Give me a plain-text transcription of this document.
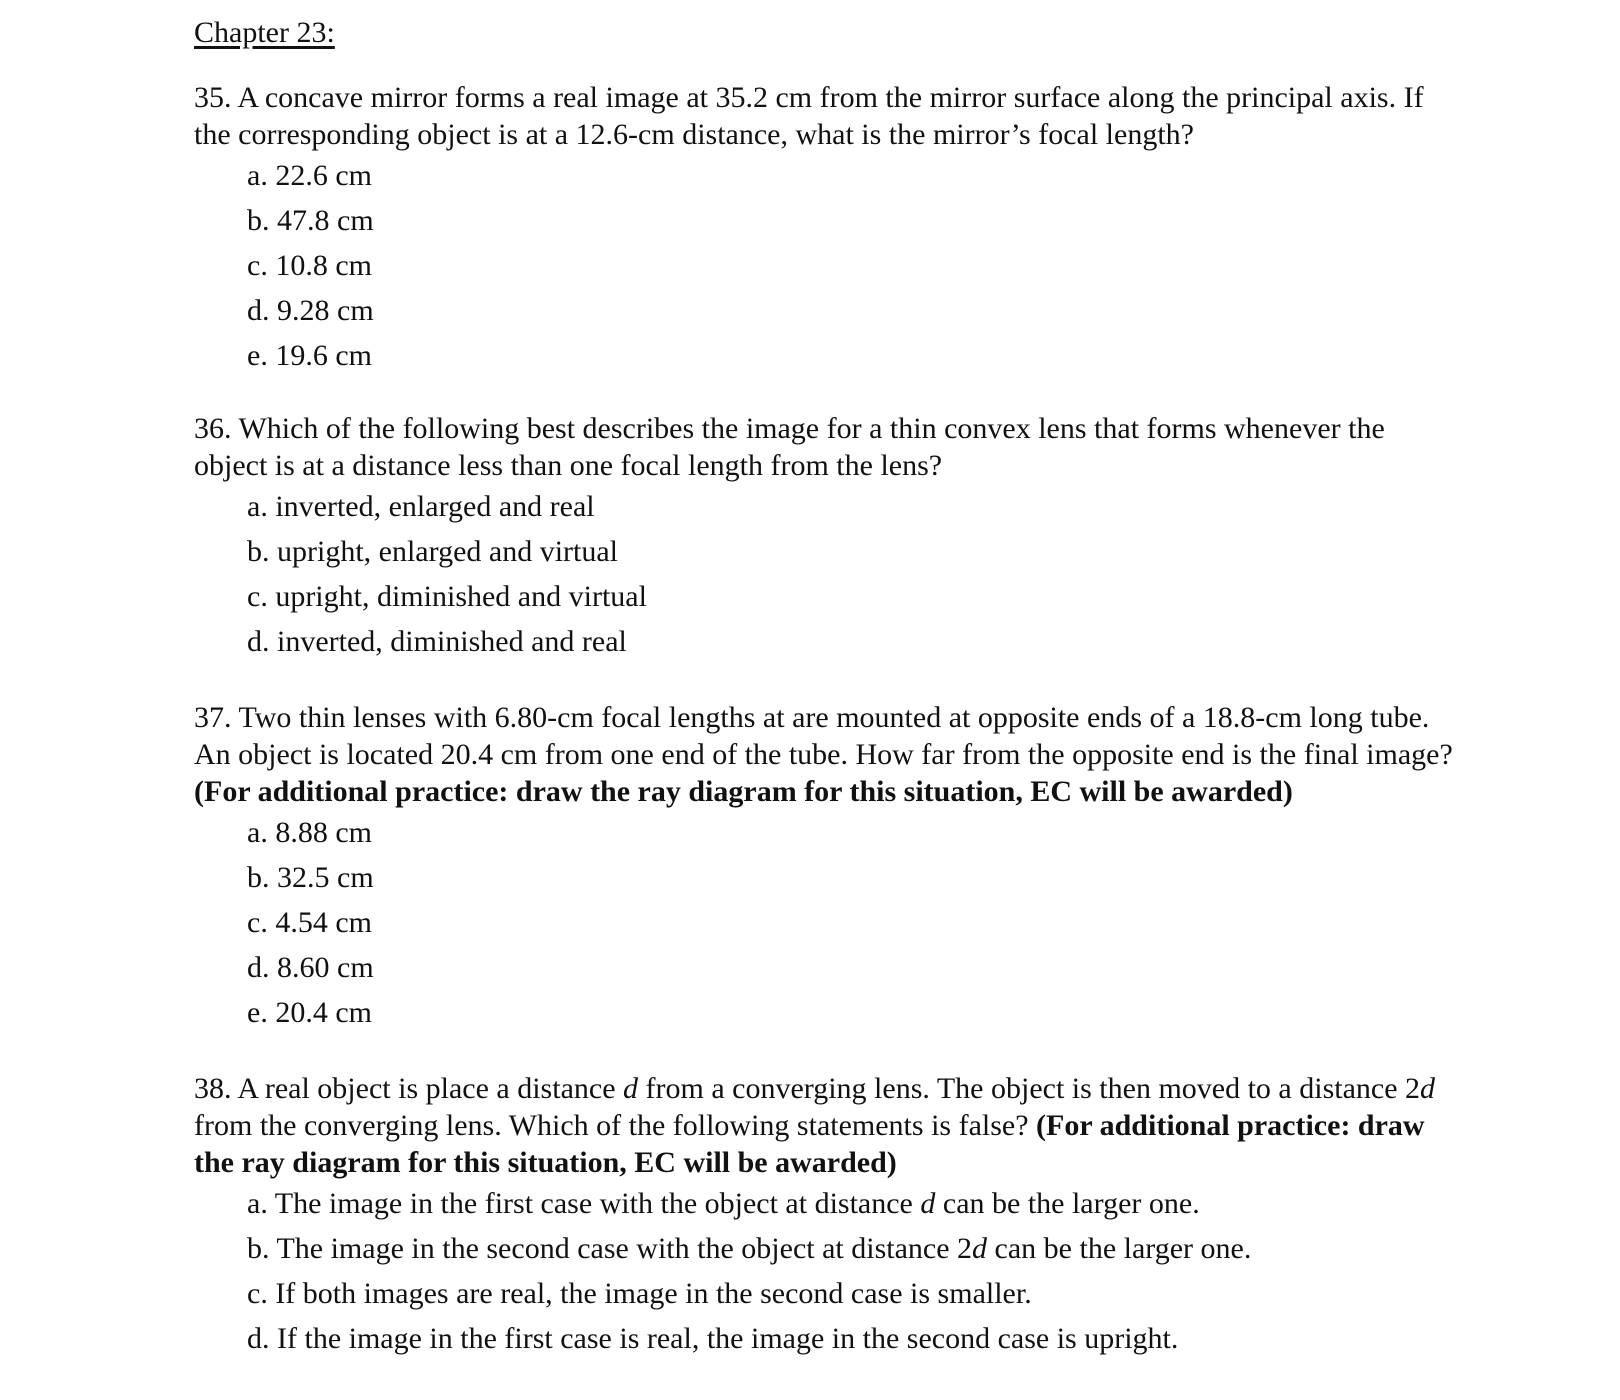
Chapter 23:

35. A concave mirror forms a real image at 35.2 cm from the mirror surface along the principal axis. If the corresponding object is at a 12.6-cm distance, what is the mirror’s focal length?

a. 22.6 cm
b. 47.8 cm
c. 10.8 cm
d. 9.28 cm
e. 19.6 cm

36. Which of the following best describes the image for a thin convex lens that forms whenever the object is at a distance less than one focal length from the lens?

a. inverted, enlarged and real
b. upright, enlarged and virtual
c. upright, diminished and virtual
d. inverted, diminished and real

37. Two thin lenses with 6.80-cm focal lengths at are mounted at opposite ends of a 18.8-cm long tube. An object is located 20.4 cm from one end of the tube. How far from the opposite end is the final image?

(For additional practice: draw the ray diagram for this situation, EC will be awarded)

a. 8.88 cm
b. 32.5 cm
c. 4.54 cm
d. 8.60 cm
e. 20.4 cm

38. A real object is place a distance d from a converging lens. The object is then moved to a distance 2d from the converging lens. Which of the following statements is false? (For additional practice: draw the ray diagram for this situation, EC will be awarded)

a. The image in the first case with the object at distance d can be the larger one.
b. The image in the second case with the object at distance 2d can be the larger one.
c. If both images are real, the image in the second case is smaller.
d. If the image in the first case is real, the image in the second case is upright.
